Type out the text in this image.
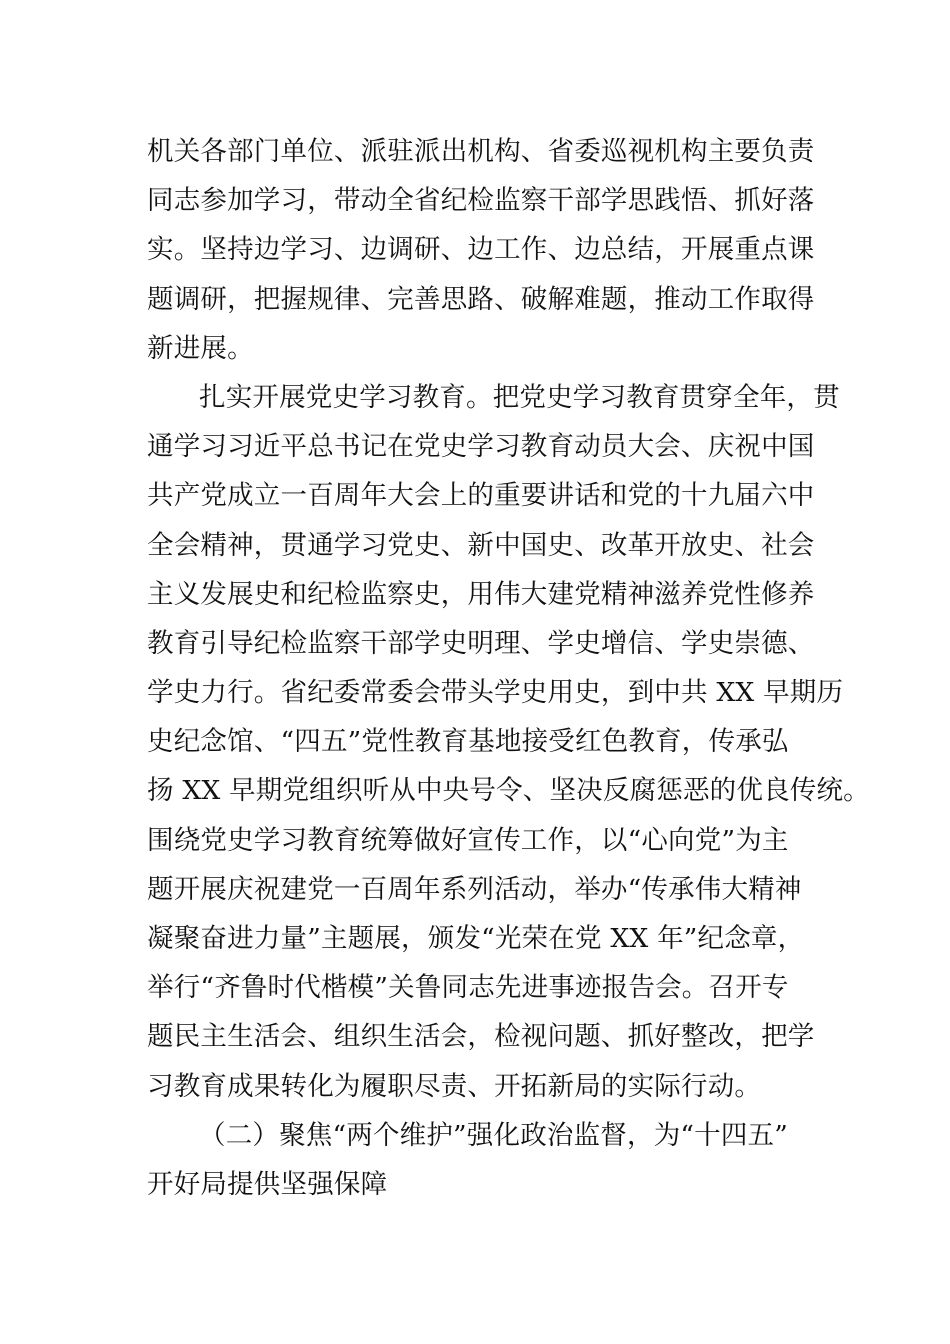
机关各部门单位、派驻派出机构、省委巡视机构主要负责
同志参加学习，带动全省纪检监察干部学思践悟、抓好落
实。坚持边学习、边调研、边工作、边总结，开展重点课
题调研，把握规律、完善思路、破解难题，推动工作取得
新进展。
扎实开展党史学习教育。把党史学习教育贯穿全年，贯
通学习习近平总书记在党史学习教育动员大会、庆祝中国
共产党成立一百周年大会上的重要讲话和党的十九届六中
全会精神，贯通学习党史、新中国史、改革开放史、社会
主义发展史和纪检监察史，用伟大建党精神滋养党性修养
教育引导纪检监察干部学史明理、学史增信、学史崇德、
学史力行。省纪委常委会带头学史用史，到中共 XX 早期历
史纪念馆、“四五”党性教育基地接受红色教育，传承弘
扬 XX 早期党组织听从中央号令、坚决反腐惩恶的优良传统。
围绕党史学习教育统筹做好宣传工作，以“心向党”为主
题开展庆祝建党一百周年系列活动，举办“传承伟大精神
凝聚奋进力量”主题展，颁发“光荣在党 XX 年”纪念章，
举行“齐鲁时代楷模”关鲁同志先进事迹报告会。召开专
题民主生活会、组织生活会，检视问题、抓好整改，把学
习教育成果转化为履职尽责、开拓新局的实际行动。
（二）聚焦“两个维护”强化政治监督，为“十四五”
开好局提供坚强保障
